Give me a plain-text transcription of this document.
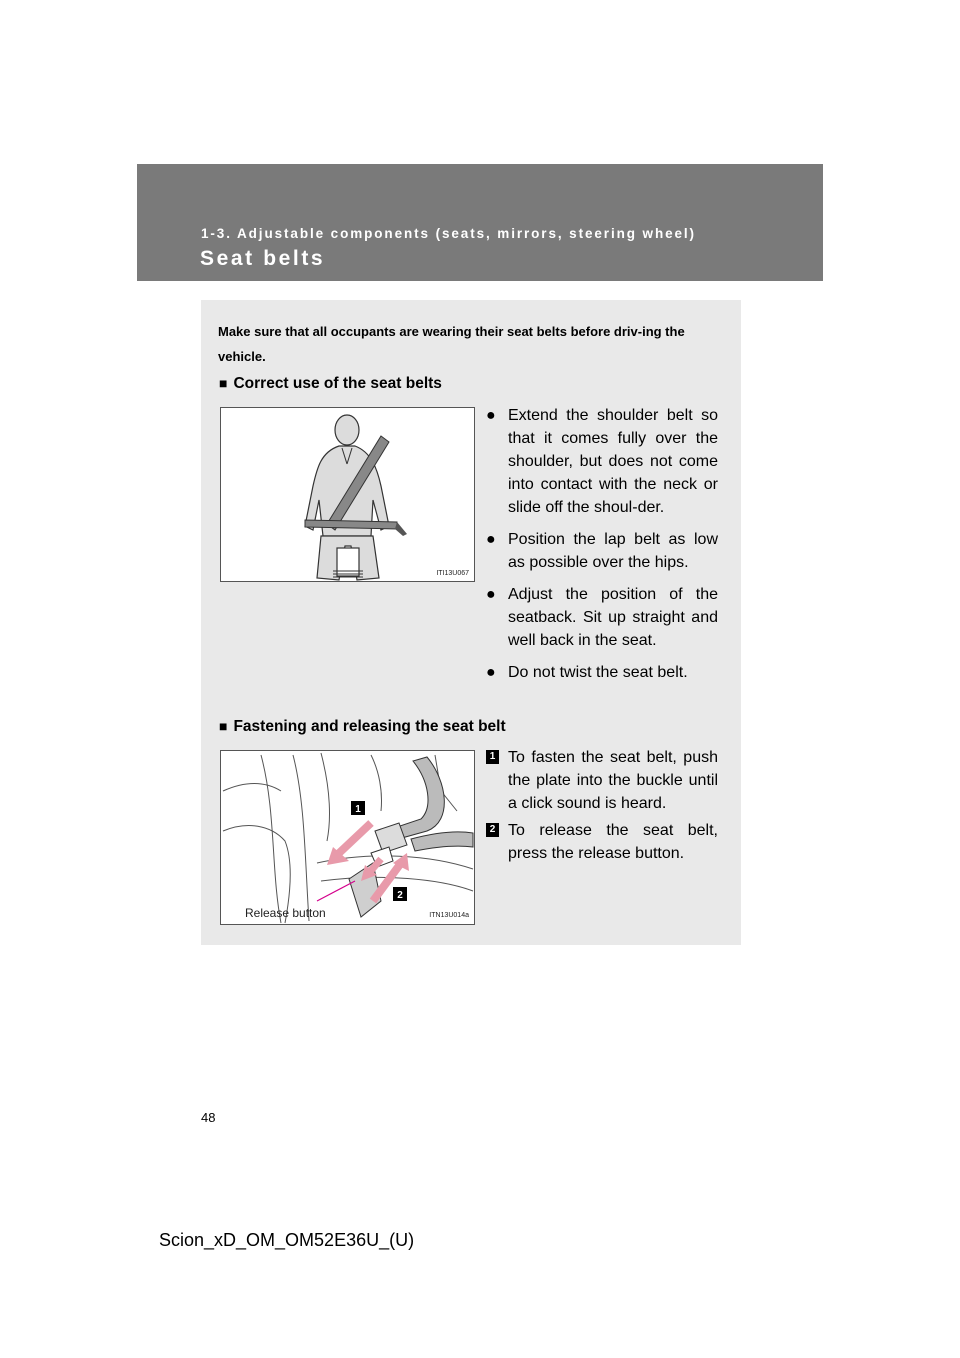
1-3. Adjustable components (seats, mirrors, steering wheel)
Seat belts
Make sure that all occupants are wearing their seat belts before driv-ing the vehicle.
■ Correct use of the seat belts
ITI13U067
● Extend the shoulder belt so that it comes fully over the shoulder, but does not come into contact with the neck or slide off the shoul-der.
● Position the lap belt as low as possible over the hips.
● Adjust the position of the seatback. Sit up straight and well back in the seat.
● Do not twist the seat belt.
■ Fastening and releasing the seat belt
1
2
Release button	ITN13U014a
1 To fasten the seat belt, push the plate into the buckle until a click sound is heard.
2 To release the seat belt, press the release button.
48
Scion_xD_OM_OM52E36U_(U)
